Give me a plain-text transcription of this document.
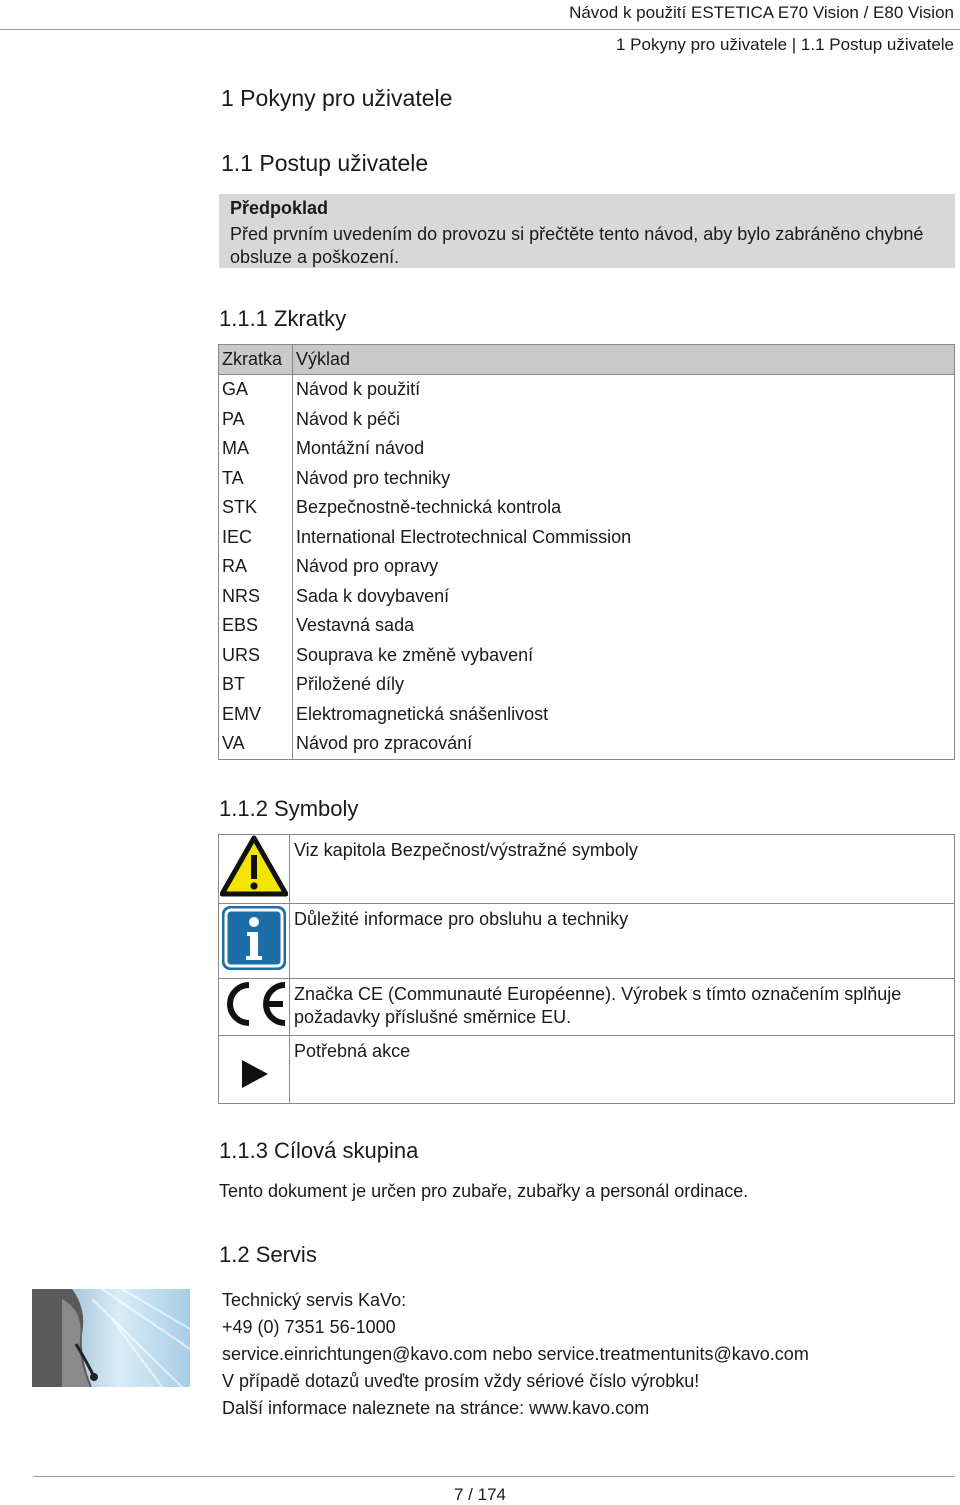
Návod k použití ESTETICA E70 Vision / E80 Vision
1 Pokyny pro uživatele | 1.1 Postup uživatele
1 Pokyny pro uživatele
1.1 Postup uživatele
Předpoklad
Před prvním uvedením do provozu si přečtěte tento návod, aby bylo zabráněno chybné obsluze a poškození.
1.1.1 Zkratky
Zkratka	Výklad
GA	Návod k použití
PA	Návod k péči
MA	Montážní návod
TA	Návod pro techniky
STK	Bezpečnostně-technická kontrola
IEC	International Electrotechnical Commission
RA	Návod pro opravy
NRS	Sada k dovybavení
EBS	Vestavná sada
URS	Souprava ke změně vybavení
BT	Přiložené díly
EMV	Elektromagnetická snášenlivost
VA	Návod pro zpracování
1.1.2 Symboly
	Viz kapitola Bezpečnost/výstražné symboly
	Důležité informace pro obsluhu a techniky
	Značka CE (Communauté Européenne). Výrobek s tímto označením splňuje požadavky příslušné směrnice EU.
	Potřebná akce
1.1.3 Cílová skupina
Tento dokument je určen pro zubaře, zubařky a personál ordinace.
1.2 Servis
Technický servis KaVo:
+49 (0) 7351 56-1000
service.einrichtungen@kavo.com nebo service.treatmentunits@kavo.com
V případě dotazů uveďte prosím vždy sériové číslo výrobku!
Další informace naleznete na stránce: www.kavo.com
7 / 174
